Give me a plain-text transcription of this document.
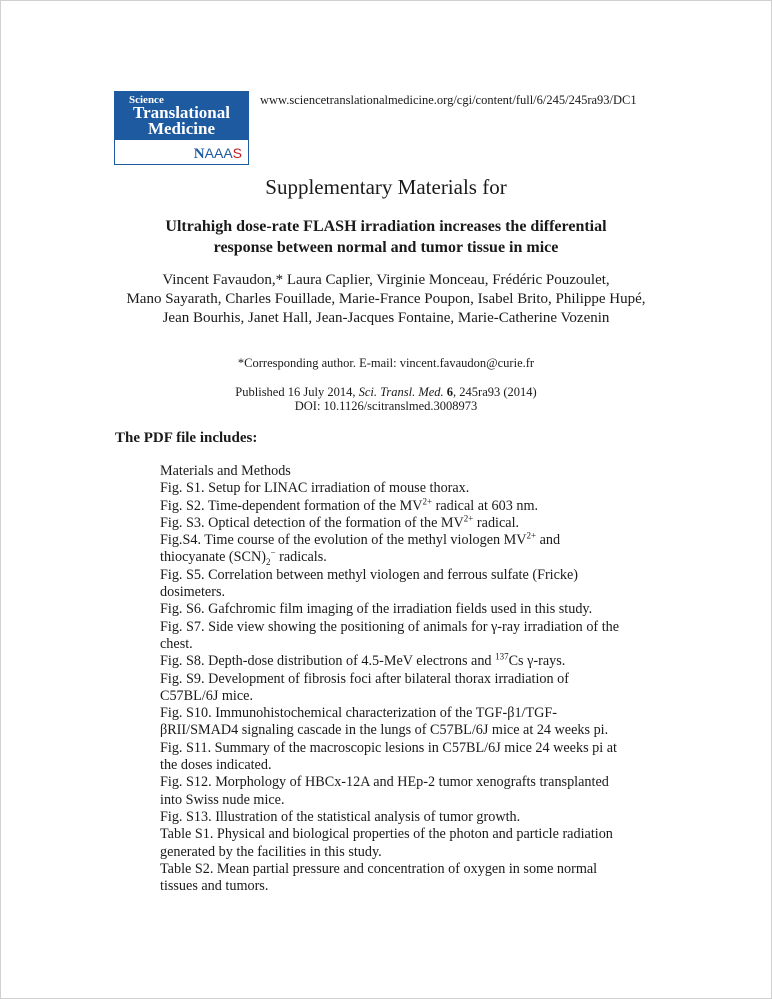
Science
Translational
Medicine
NAAAS
www.sciencetranslationalmedicine.org/cgi/content/full/6/245/245ra93/DC1
Supplementary Materials for
Ultrahigh dose-rate FLASH irradiation increases the differential
response between normal and tumor tissue in mice
Vincent Favaudon,* Laura Caplier, Virginie Monceau, Frédéric Pouzoulet,
Mano Sayarath, Charles Fouillade, Marie-France Poupon, Isabel Brito, Philippe Hupé,
Jean Bourhis, Janet Hall, Jean-Jacques Fontaine, Marie-Catherine Vozenin
*Corresponding author. E-mail: vincent.favaudon@curie.fr
Published 16 July 2014, Sci. Transl. Med. 6, 245ra93 (2014)
DOI: 10.1126/scitranslmed.3008973
The PDF file includes:
Materials and Methods
Fig. S1. Setup for LINAC irradiation of mouse thorax.
Fig. S2. Time-dependent formation of the $MV^{2+}$ radical at 603 nm.
Fig. S3. Optical detection of the formation of the $MV^{2+}$ radical.
Fig.S4. Time course of the evolution of the methyl viologen $MV^{2+}$ and
thiocyanate $(SCN)_2^-$ radicals.
Fig. S5. Correlation between methyl viologen and ferrous sulfate (Fricke)
dosimeters.
Fig. S6. Gafchromic film imaging of the irradiation fields used in this study.
Fig. S7. Side view showing the positioning of animals for γ-ray irradiation of the
chest.
Fig. S8. Depth-dose distribution of 4.5-MeV electrons and $^{137}$Cs γ-rays.
Fig. S9. Development of fibrosis foci after bilateral thorax irradiation of
C57BL/6J mice.
Fig. S10. Immunohistochemical characterization of the TGF-β1/TGF-
βRII/SMAD4 signaling cascade in the lungs of C57BL/6J mice at 24 weeks pi.
Fig. S11. Summary of the macroscopic lesions in C57BL/6J mice 24 weeks pi at
the doses indicated.
Fig. S12. Morphology of HBCx-12A and HEp-2 tumor xenografts transplanted
into Swiss nude mice.
Fig. S13. Illustration of the statistical analysis of tumor growth.
Table S1. Physical and biological properties of the photon and particle radiation
generated by the facilities in this study.
Table S2. Mean partial pressure and concentration of oxygen in some normal
tissues and tumors.
